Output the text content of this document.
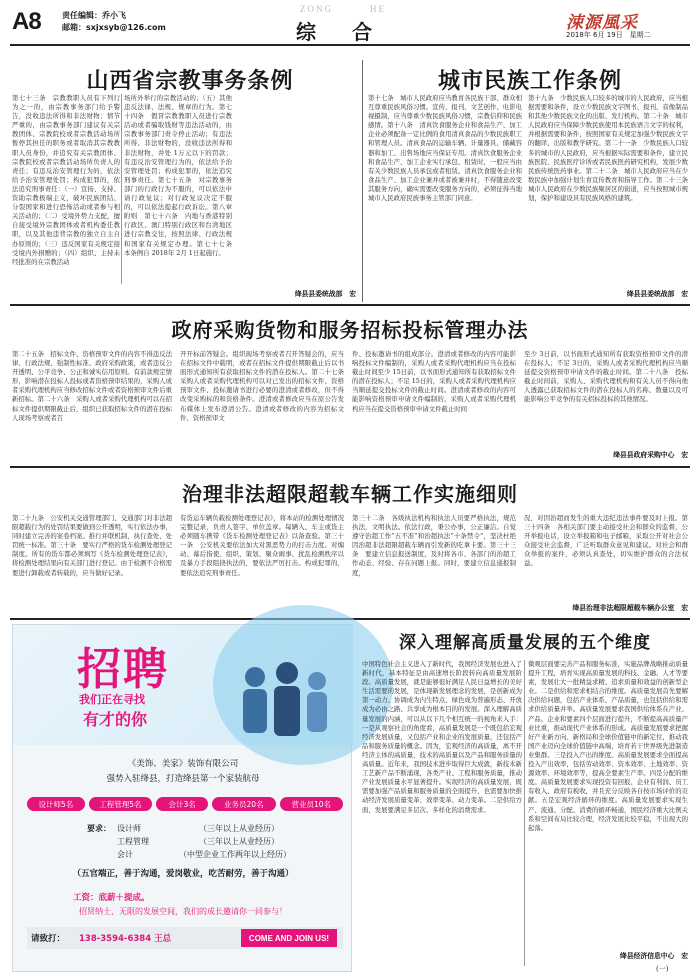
A8	责任编辑：乔小飞
邮箱：sxjxsyb@126.com
ZONG	HE
综　合	涑源風采
2018年 6月 19日　星期二
山西省宗教事务条例
第七十三条　宗教教职人员有下列行为之一的，由宗教事务部门给予警告，没收违法所得和非法财物；情节严重的，由宗教事务部门建议有关宗教团体、宗教院校或者宗教活动场所暂停其担任的职务或者取消其宗教教职人员身份，并追究有关宗教团体、宗教院校或者宗教活动场所负责人的责任；有违反治安管理行为的，依法给予治安管理处罚；构成犯罪的，依法追究刑事责任：（一）宣扬、支持、资助宗教极端主义，破坏民族团结、分裂国家和进行恐怖活动或者参与相关活动的；（二）受境外势力支配，擅自接受境外宗教团体或者机构委任教职，以及其他违背宗教的独立自主自办原则的；（三）违反国家有关规定接受境内外捐赠的；（四）组织、主持未经批准的在宗教活动
场所外举行的宗教活动的；（五）其他违反法律、法规、规章的行为。第七十四条　假冒宗教教职人员进行宗教活动或者骗取钱财等违法活动的，由宗教事务部门责令停止活动；有违法所得、非法财物的，没收违法所得和非法财物，并处 1万元以下的罚款；有违反治安管理行为的，依法给予治安管理处罚；构成犯罪的，依法追究刑事责任。第七十五条　对宗教事务部门的行政行为不服的，可以依法申请行政复议；对行政复议决定不服的，可以依法提起行政诉讼。第八章　附则　第七十六条　内地与香港特别行政区、澳门特别行政区和台湾地区进行宗教交往，按照法律、行政法规和国家有关规定办理。第七十七条　本条例自 2018年 2月 1日起施行。
绛县县委统战部　宏
城市民族工作条例
第十七条　城市人民政府应当教育各民族干部、群众相互尊重民族风俗习惯。宣传、报刊、文艺创作、电影电视摄制，应当尊重少数民族风俗习惯，宗教信仰和民族感情。第十八条　清真饮食服务企业和食品生产、加工企业必须配备一定比例的食用清真食品的少数民族职工和管理人员。清真食品的运输车辆、计量器具、储藏容器和加工、出售场地应当保证专用。清真饮食服务企业和食品生产、加工企业实行承包、租赁时，一般应当由有关少数民族人员承包或者租赁。清真饮食服务企业和食品生产、加工企业兼并或者被兼并时，不得随意改变其服务方向，确实需要改变服务方向的，必须征得当地城市人民政府民族事务主管部门同意。
第十九条　少数民族人口较多的城市的人民政府，应当根据需要和条件，设立少数民族文字图书、报刊、音像制品和其他少数民族文化的出版、发行机构。第二十条　城市人民政府应当保障少数民族使用本民族语言文字的权利，并根据需要和条件，按照国家有关规定加强少数民族文字的翻译、出版和教学研究。第二十一条　少数民族人口较多的城市的人民政府，应当根据实际需要和条件，建立民族医院、民族医疗诊所或者民族医药研究机构，发展少数民族传统医药事业。第二十二条　城市人民政府应当在少数民族中加强计划生育宣传教育和指导工作。第二十三条　城市人民政府在少数民族聚居区的街道，应当按照城市规划，保护和建设具有民族风格的建筑。
绛县县委统战部　宏
政府采购货物和服务招标投标管理办法
第二十五条　招标文件、资格预审文件的内容不得违反法律、行政法规、强制性标准、政府采购政策，或者违反公开透明、公平竞争、公正和诚实信用原则。有前款规定情形，影响潜在投标人投标或者资格预审结果的，采购人或者采购代理机构应当修改招标文件或者资格预审文件后重新招标。第二十六条　采购人或者采购代理机构可以在招标文件提供期限截止后，组织已获取招标文件的潜在投标人现场考察或者召
开开标前答疑会。组织现场考察或者召开答疑会的，应当在招标文件中载明，或者在招标文件提供期限截止后以书面形式通知所有获取招标文件的潜在投标人。第二十七条　采购人或者采购代理机构可以对已发出的招标文件、资格预审文件、投标邀请书进行必要的澄清或者修改，但不得改变采购标的和资格条件。澄清或者修改应当在原公告发布媒体上发布澄清公告。澄清或者修改的内容为招标文件、资格预审文
件、投标邀请书的组成部分。澄清或者修改的内容可能影响投标文件编制的，采购人或者采购代理机构应当在投标截止时间至少 15日前，以书面形式通知所有获取招标文件的潜在投标人；不足 15日的，采购人或者采购代理机构应当顺延提交投标文件的截止时间。澄清或者修改的内容可能影响资格预审申请文件编制的，采购人或者采购代理机构应当在提交资格预审申请文件截止时间
至少 3日前，以书面形式通知所有获取资格预审文件的潜在投标人；不足 3日的，采购人或者采购代理机构应当顺延提交资格预审申请文件的截止时间。第二十八条　投标截止时间前，采购人、采购代理机构和有关人员不得向他人透露已获取招标文件的潜在投标人的名称、数量以及可能影响公平竞争的有关招标投标的其他情况。
绛县县政府采购中心　宏
治理非法超限超载车辆工作实施细则
第二十九条　公安机关交通管理部门、交通部门对非法超限超载行为的处罚结果要做到公开透明，实行依法办事，同时建立完善的案卷档案。推行并联机制，执行查处、处罚统一标准。第三十条　要实行严格的货车检测处理登记制度。所有的货车都必须填写《货车检测处理登记表》，将检测处理结果向有关部门进行登记。由于检测不合格需要进行卸载或者转载的，应当做好记录。
有货运车辆负载检测处理登记表》，将本站的检测处理情况完整记录，负责人签字、单位盖章。每辆入、车主或货主必须随车携带《货车检测处理登记表》以备查验。第三十一条　公安机关要依法加大对黑恶势力的打击力度。对煽动、幕后指使、组织、策划、聚众闹事、扰乱检测秩序以及暴力手段阻挠执法的，要依法严厉打击。构成犯罪的，要依法追究刑事责任。
第三十二条　各级执法机构和执法人员要严格执法，规范执法，文明执法。依法行政，秉公办事，公正廉洁。自觉遵守治超工作“五不准”和治超执法“十条禁令”，坚决杜绝因治超非法超限超载车辆而引发新的吃拿卡要。第三十三条　要建立信息报送制度，及时将各市、各部门的治超工作动态、经验、存在问题上报。同时，要建立信息通报制度，
况，对因治超而发生的重大违纪违法事件要及时上报。第三十四条　各相关部门要主动接受社会和群众的监督，公开举报电话，设立举报箱和电子邮箱，采取公开对社会公众接受社会监督，广泛听取群众意见和建议。对社会和群众举报的案件，必须认真查处，切实维护群众的合法权益。
绛县治理非法超限超载车辆办公室　宏
招聘
我们正在寻找
有才的你
《美饰、美家》装饰有限公司
强势入驻绛县，打造绛县第一个家装航母
设计师5名	工程管理5名	会计3名	业务员20名	营业员10名
要求： 设计师	（三年以上从业经历）
工程管理	（三年以上从业经历）
会计	（中型企业工作两年以上经历）
（五官端正，善于沟通，爱岗敬业，吃苦耐劳，善于沟通）
工资：底薪＋提成。
招贤纳士，无限的发展空间，我们的成长邀请你一同参与！
请致打： 138-3594-6384 王总	COME AND JOIN US!
深入理解高质量发展的五个维度
中国特色社会主义进入了新时代，我国经济发展也进入了新时代，基本特征是由高速增长阶段转向高质量发展阶段。高质量发展，就是能够很好满足人民日益增长的美好生活需要的发展，是体现新发展理念的发展，是创新成为第一动力、协调成为内生特点、绿色成为普遍形态、开放成为必由之路、共享成为根本目的的发展。深入理解高质量发展的内涵，可以从以下几个相互统一的视角来入手：一是从观察社会的角度看，高质量发展是一个既包括宏观经济发展质量，又包括产业和企业的发展质量，还包括产品和服务质量的概念。因为，宏观经济的高质量，离不开经济主体的高质量，技术的高质量以及产品和服务质量的高质量。近年来，我国技术进步取得巨大成就，新技术新工艺新产品不断涌现，各类产业、工程和服务质量，推动产业发展质量水平显著提升。实现经济的高质量发展，既需要加强产品质量和服务质量的全面提升，也需要加快推动经济发展质量变革、效率变革、动力变革。二是供给方面，发展要满足多层次、多样化的消费需求。
微观层面要完善产品和服务标准，实施品牌战略推动质量提升工程，培育实现高质量发展的科技、金融、人才等要素，发展壮大一批精益求精、追求质量和效益的创新型企业。二是供给和需求相结合的维度。高质量发展首先要解决供给问题，包括产业体系、产品质量，也包括供给和需求供给质量并举。高质量发展要求我国供给体系在产业、产品、企业和要素四个层面进行提升，不断提高高质量产业比重，推动现代产业体系的形成。高质量发展要求把握好产业新方向、新格局和全球价值链中的新定位，推动我国产业迈向全球价值链中高端，培育若干世界级先进制造业集群。三是投入产出的维度。高质量发展要求全面提高投入产出效率，包括劳动效率、资本效率、土地效率、资源效率、环境效率等，提高全要素生产率。四是分配的维度。高质量发展要求实现投资有回报、企业有利润、员工有收入、政府有税收，并且充分反映各自按市场评价的贡献。五是宏观经济循环的维度。高质量发展要求实现生产、流通、分配、消费的循环畅通，国民经济重大比例关系和空间布局比较合理，经济发展比较平稳，不出现大的起落。
绛县经济信息中心　宏
(一)
